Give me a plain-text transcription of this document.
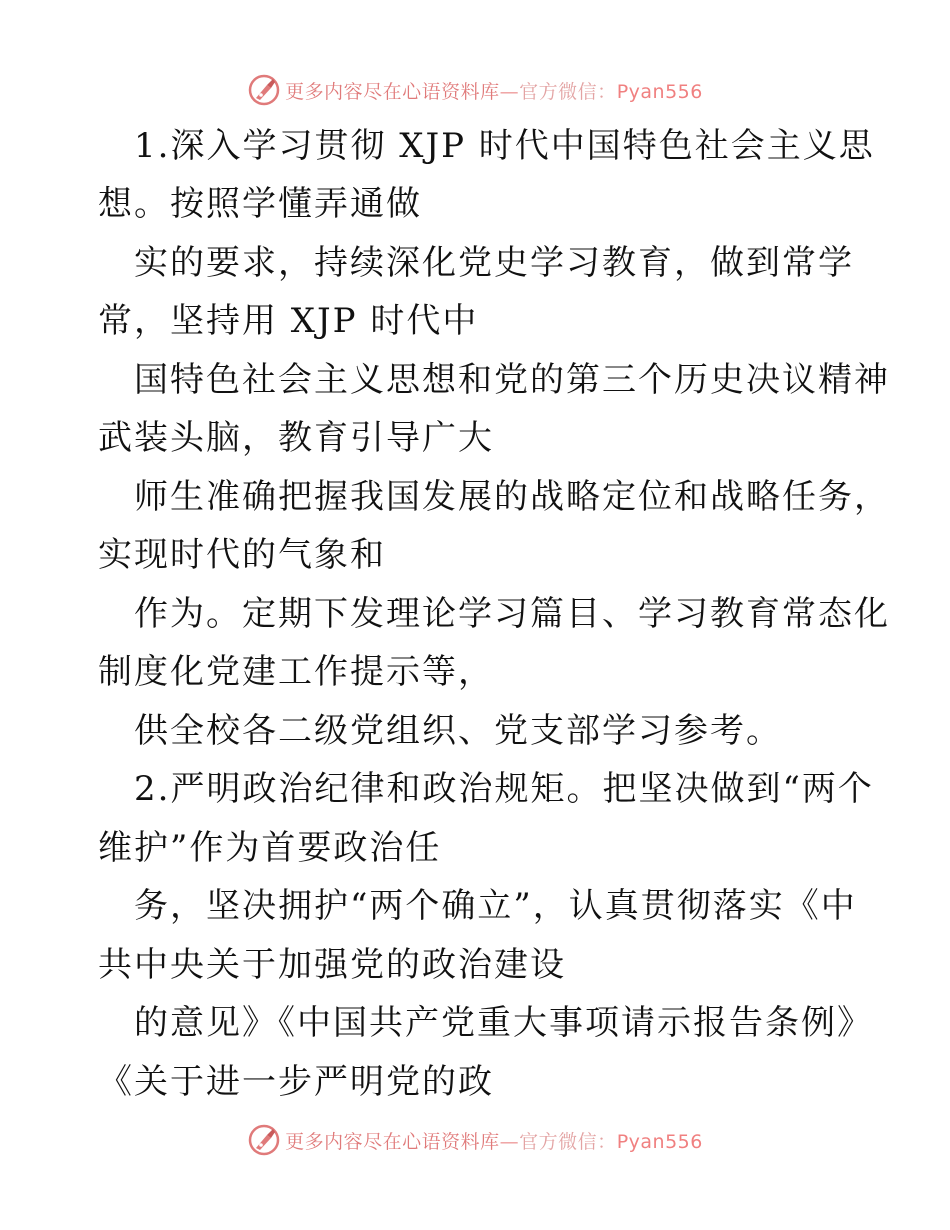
更多内容尽在心语资料库—官方微信：Pyan556
1.深入学习贯彻 XJP 时代中国特色社会主义思
想。按照学懂弄通做
实的要求，持续深化党史学习教育，做到常学
常，坚持用 XJP 时代中
国特色社会主义思想和党的第三个历史决议精神
武装头脑，教育引导广大
师生准确把握我国发展的战略定位和战略任务，
实现时代的气象和
作为。定期下发理论学习篇目、学习教育常态化
制度化党建工作提示等，
供全校各二级党组织、党支部学习参考。
2.严明政治纪律和政治规矩。把坚决做到“两个
维护”作为首要政治任
务，坚决拥护“两个确立”，认真贯彻落实《中
共中央关于加强党的政治建设
的意见》《中国共产党重大事项请示报告条例》
《关于进一步严明党的政
更多内容尽在心语资料库—官方微信：Pyan556
